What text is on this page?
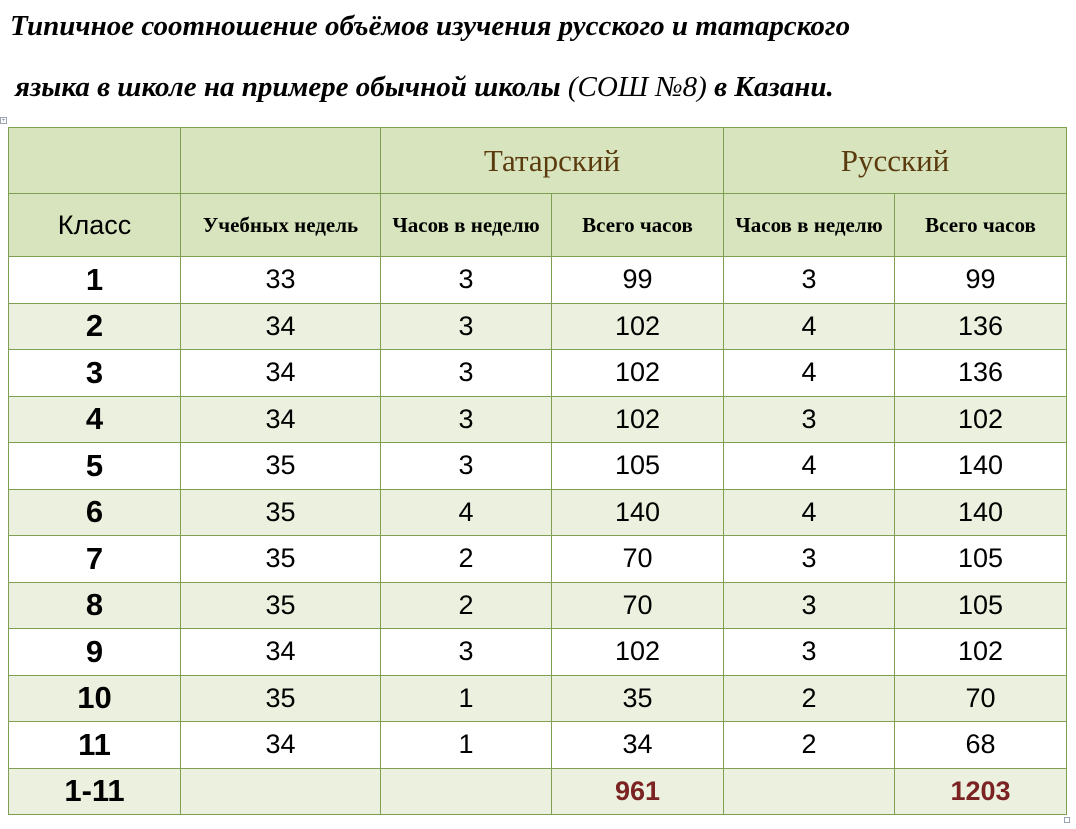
Типичное соотношение объёмов изучения русского и татарского

языка в школе на примере обычной школы (СОШ №8) в Казани.

+
		Татарский		Русский	
Класс	Учебных недель	Часов в неделю	Всего часов	Часов в неделю	Всего часов
1	33	3	99	3	99
2	34	3	102	4	136
3	34	3	102	4	136
4	34	3	102	3	102
5	35	3	105	4	140
6	35	4	140	4	140
7	35	2	70	3	105
8	35	2	70	3	105
9	34	3	102	3	102
10	35	1	35	2	70
11	34	1	34	2	68
1-11			961		1203
